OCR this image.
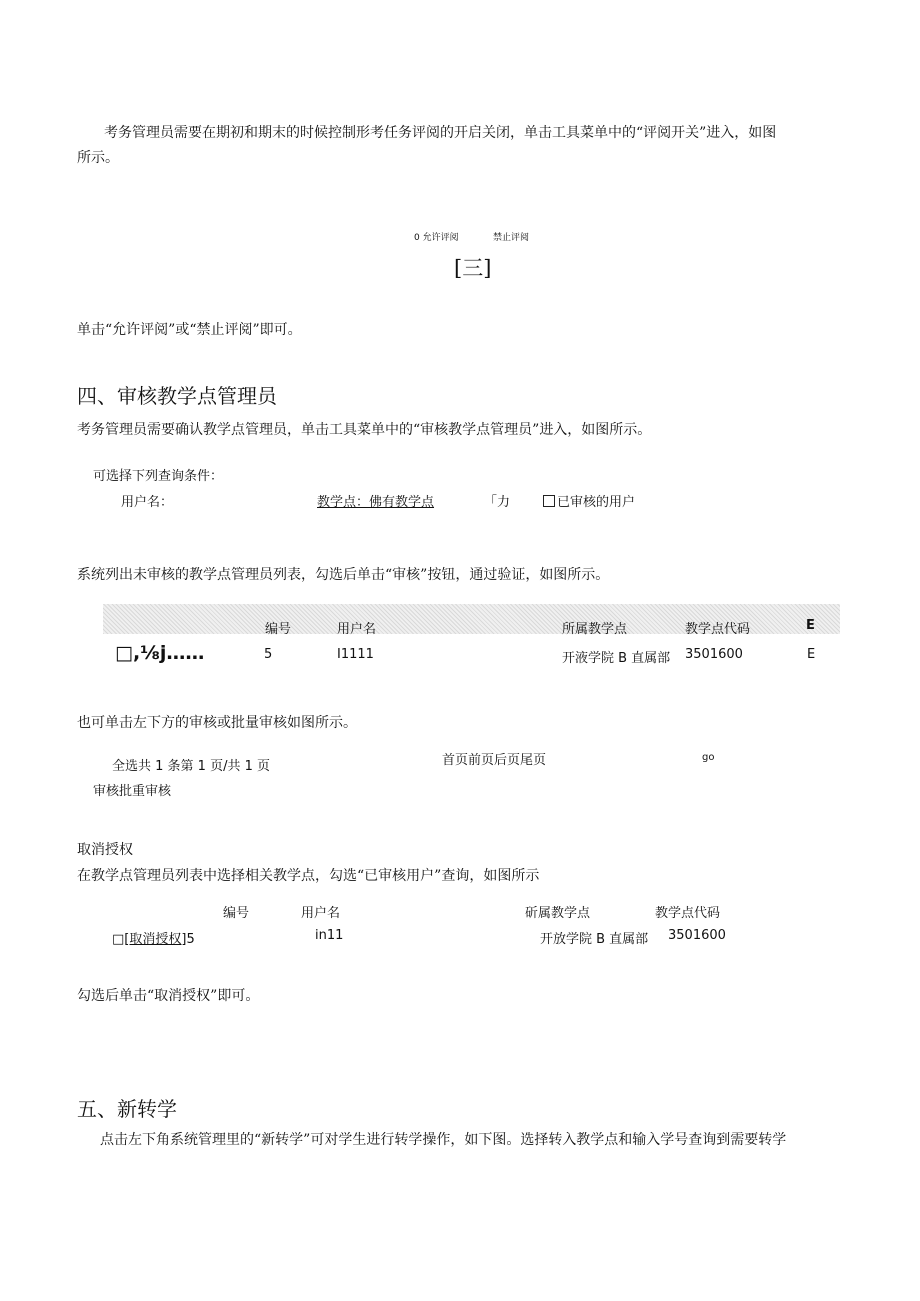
考务管理员需要在期初和期末的时候控制形考任务评阅的开启关闭，单击工具菜单中的“评阅开关”进入，如图
所示。
0 允许评阅	禁止评阅
[三]
单击“允许评阅”或“禁止评阅”即可。
四、审核教学点管理员
考务管理员需要确认教学点管理员，单击工具菜单中的“审核教学点管理员”进入，如图所示。
可选择下列查询条件：
用户名：	教学点：佛有教学点	「力	已审核的用户
系统列出未审核的教学点管理员列表，勾选后单击“审核”按钮，通过验证，如图所示。
编号	用户名	所属教学点	教学点代码	E
□,⅛j……	5	I1111	开液学院 B 直属部 3501600	E
也可单击左下方的审核或批量审核如图所示。
全选共 1 条第 1 页/共 1 页	首页前页后页尾页	go
审核批重审核
取消授权
在教学点管理员列表中选择相关教学点，勾选“已审核用户”查询，如图所示
编号	用户名	斫属教学点	教学点代码
□[取消授权]5	in11	开放学院 B 直属部 3501600
勾选后单击“取消授权”即可。
五、新转学
点击左下角系统管理里的“新转学”可对学生进行转学操作，如下图。选择转入教学点和输入学号查询到需要转学
